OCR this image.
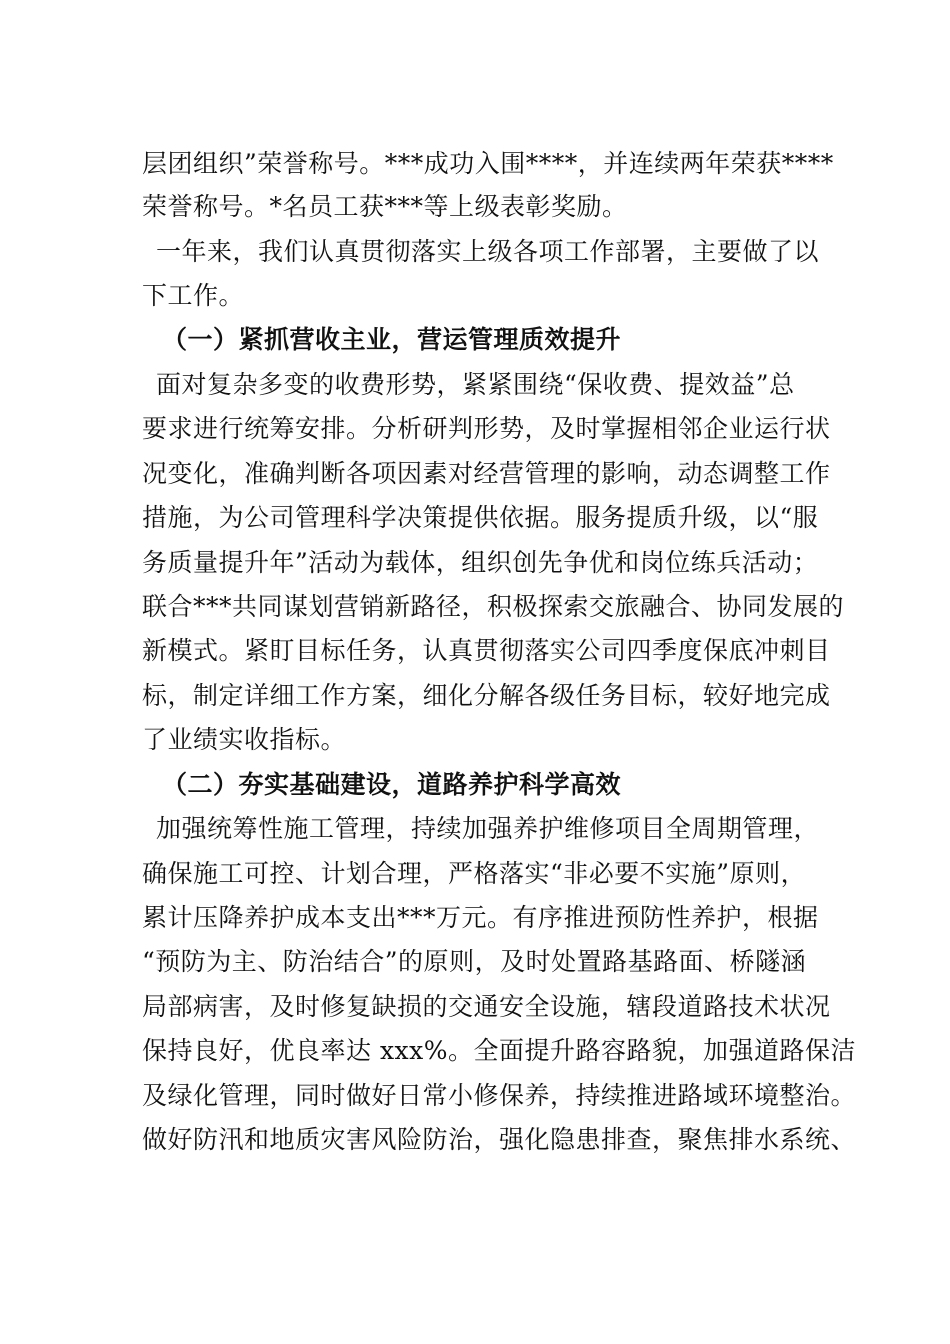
层团组织”荣誉称号。***成功入围****，并连续两年荣获****
荣誉称号。*名员工获***等上级表彰奖励。
一年来，我们认真贯彻落实上级各项工作部署，主要做了以
下工作。
（一）紧抓营收主业，营运管理质效提升
面对复杂多变的收费形势，紧紧围绕“保收费、提效益”总
要求进行统筹安排。分析研判形势，及时掌握相邻企业运行状
况变化，准确判断各项因素对经营管理的影响，动态调整工作
措施，为公司管理科学决策提供依据。服务提质升级，以“服
务质量提升年”活动为载体，组织创先争优和岗位练兵活动；
联合***共同谋划营销新路径，积极探索交旅融合、协同发展的
新模式。紧盯目标任务，认真贯彻落实公司四季度保底冲刺目
标，制定详细工作方案，细化分解各级任务目标，较好地完成
了业绩实收指标。
（二）夯实基础建设，道路养护科学高效
加强统筹性施工管理，持续加强养护维修项目全周期管理，
确保施工可控、计划合理，严格落实“非必要不实施”原则，
累计压降养护成本支出***万元。有序推进预防性养护，根据
“预防为主、防治结合”的原则，及时处置路基路面、桥隧涵
局部病害，及时修复缺损的交通安全设施，辖段道路技术状况
保持良好，优良率达 xxx%。全面提升路容路貌，加强道路保洁
及绿化管理，同时做好日常小修保养，持续推进路域环境整治。
做好防汛和地质灾害风险防治，强化隐患排查，聚焦排水系统、
